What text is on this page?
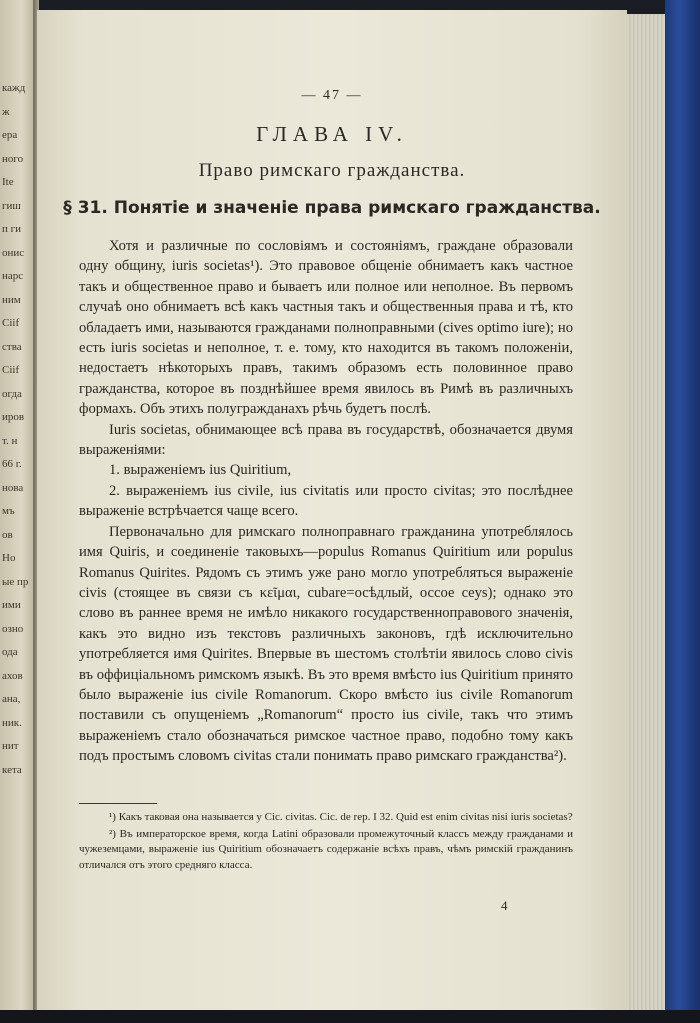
кажд
ж
ера
ного
Ite
гиш
п ги
онис
нарс
ним
Ciif
ства
Ciif
огда
иров
т. н
66 г.
нова
мъ
ов
Но
ые пр
ими
озно
ода
ахов
ана,
ник.
нит
кета
— 47 —
ГЛАВА IV.
Право римскаго гражданства.
§ 31. Понятіе и значеніе права римскаго гражданства.

Хотя и различные по сословіямъ и состояніямъ, граждане образовали одну общину, iuris societas¹). Это правовое общеніе обнимаетъ какъ частное такъ и общественное право и бываетъ или полное или неполное. Въ первомъ случаѣ оно обнимаетъ всѣ какъ частныя такъ и общественныя права и тѣ, кто обладаетъ ими, называются гражданами полноправными (cives optimo iure); но есть iuris societas и неполное, т. е. тому, кто находится въ такомъ положеніи, недостаетъ нѣкоторыхъ правъ, такимъ образомъ есть половинное право гражданства, которое въ позднѣйшее время явилось въ Римѣ въ различныхъ формахъ. Объ этихъ полугражданахъ рѣчь будетъ послѣ.

Iuris societas, обнимающее всѣ права въ государствѣ, обозначается двумя выраженіями:

1. выраженіемъ ius Quiritium,

2. выраженіемъ ius civile, ius civitatis или просто civitas; это послѣднее выраженіе встрѣчается чаще всего.

Первоначально для римскаго полноправнаго гражданина употреблялось имя Quiris, и соединеніе таковыхъ—populus Romanus Quiritium или populus Romanus Quirites. Рядомъ съ этимъ уже рано могло употребляться выраженіе civis (стоящее въ связи съ κεῖμαι, cubare=осѣдлый, оссое ceys); однако это слово въ раннее время не имѣло никакого государственноправового значенія, какъ это видно изъ текстовъ различныхъ законовъ, гдѣ исключительно употребляется имя Quirites. Впервые въ шестомъ столѣтіи явилось слово civis въ оффиціальномъ римскомъ языкѣ. Въ это время вмѣсто ius Quiritium принято было выраженіе ius civile Romanorum. Скоро вмѣсто ius civile Romanorum поставили съ опущеніемъ „Romanorum“ просто ius civile, такъ что этимъ выраженіемъ стало обозначаться римское частное право, подобно тому какъ подъ простымъ словомъ civitas стали понимать право римскаго гражданства²).

¹) Какъ таковая она называется у Cic. civitas. Cic. de rep. I 32. Quid est enim civitas nisi iuris societas?

²) Въ императорское время, когда Latini образовали промежуточный классъ между гражданами и чужеземцами, выраженіе ius Quiritium обозначаетъ содержаніе всѣхъ правъ, чѣмъ римскій гражданинъ отличался отъ этого средняго класса.

4
